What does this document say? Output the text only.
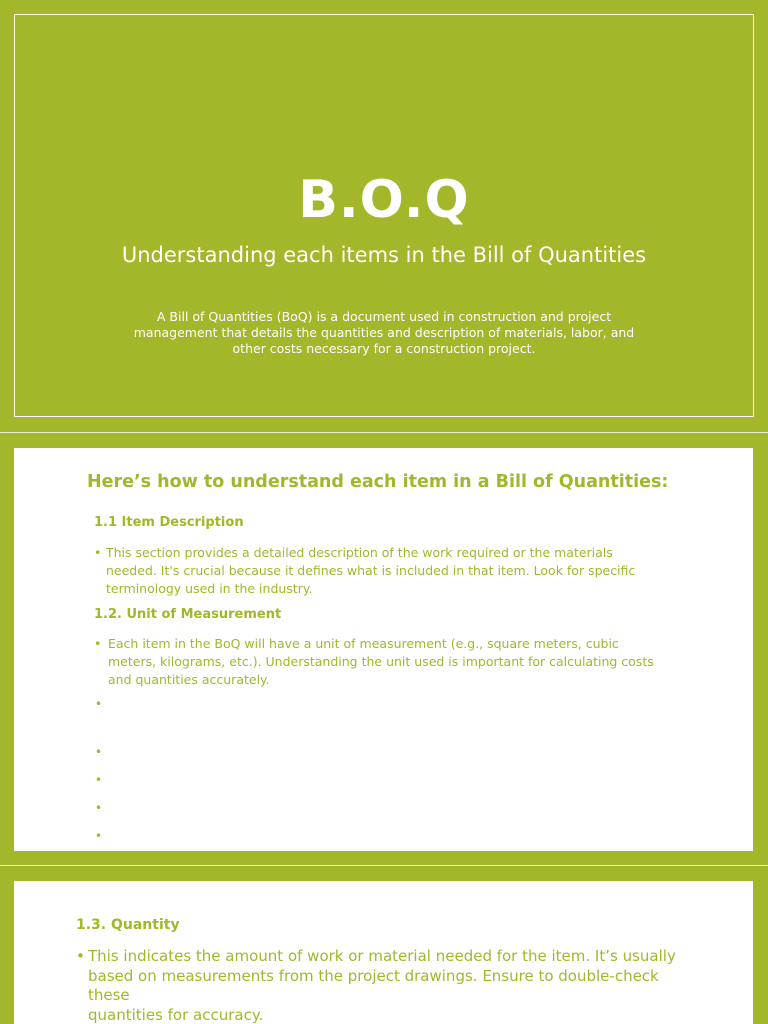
B.O.Q
Understanding each items in the Bill of Quantities
A Bill of Quantities (BoQ) is a document used in construction and project
management that details the quantities and description of materials, labor, and
other costs necessary for a construction project.
Here’s how to understand each item in a Bill of Quantities:
1.1 Item Description
• This section provides a detailed description of the work required or the materials
needed. It's crucial because it defines what is included in that item. Look for specific
terminology used in the industry.
1.2. Unit of Measurement
• Each item in the BoQ will have a unit of measurement (e.g., square meters, cubic
meters, kilograms, etc.). Understanding the unit used is important for calculating costs
and quantities accurately.
•
•
•
•
•
1.3. Quantity
• This indicates the amount of work or material needed for the item. It’s usually
based on measurements from the project drawings. Ensure to double-check these
quantities for accuracy.
